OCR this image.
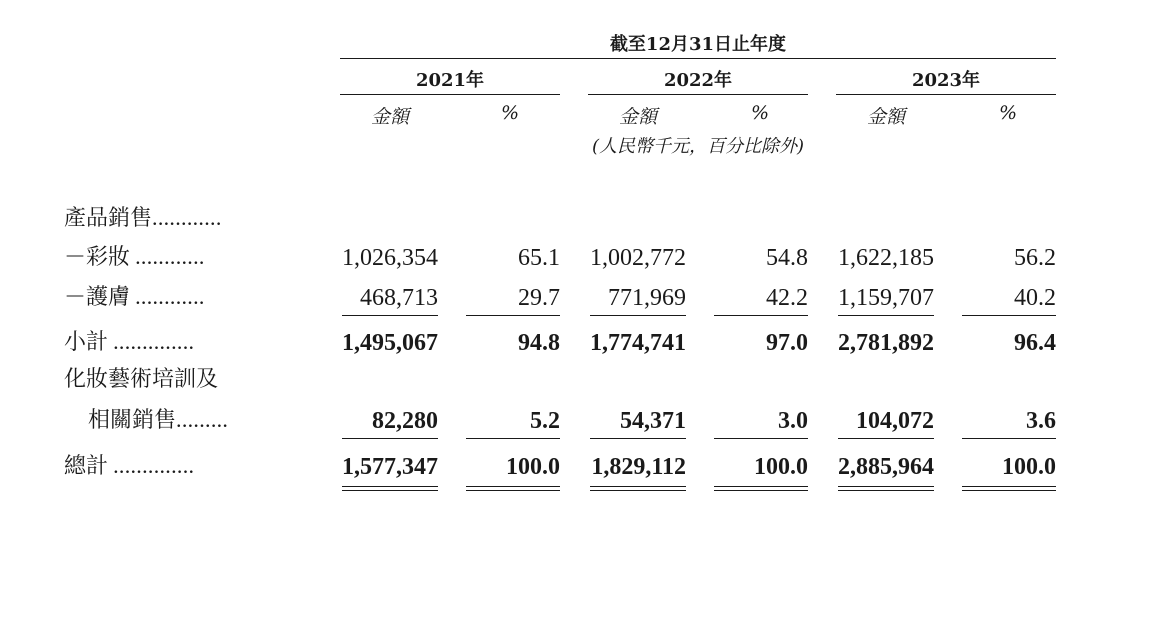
截至12月31日止年度
2021年	2022年	2023年
金額	%	金額	%	金額	%
(人民幣千元，百分比除外)
產品銷售............
－彩妝 ............	1,026,354	65.1	1,002,772	54.8	1,622,185	56.2
－護膚 ............	468,713	29.7	771,969	42.2	1,159,707	40.2
小計 ..............	1,495,067	94.8	1,774,741	97.0	2,781,892	96.4
化妝藝術培訓及
相關銷售.........	82,280	5.2	54,371	3.0	104,072	3.6
總計 ..............	1,577,347	100.0	1,829,112	100.0	2,885,964	100.0
